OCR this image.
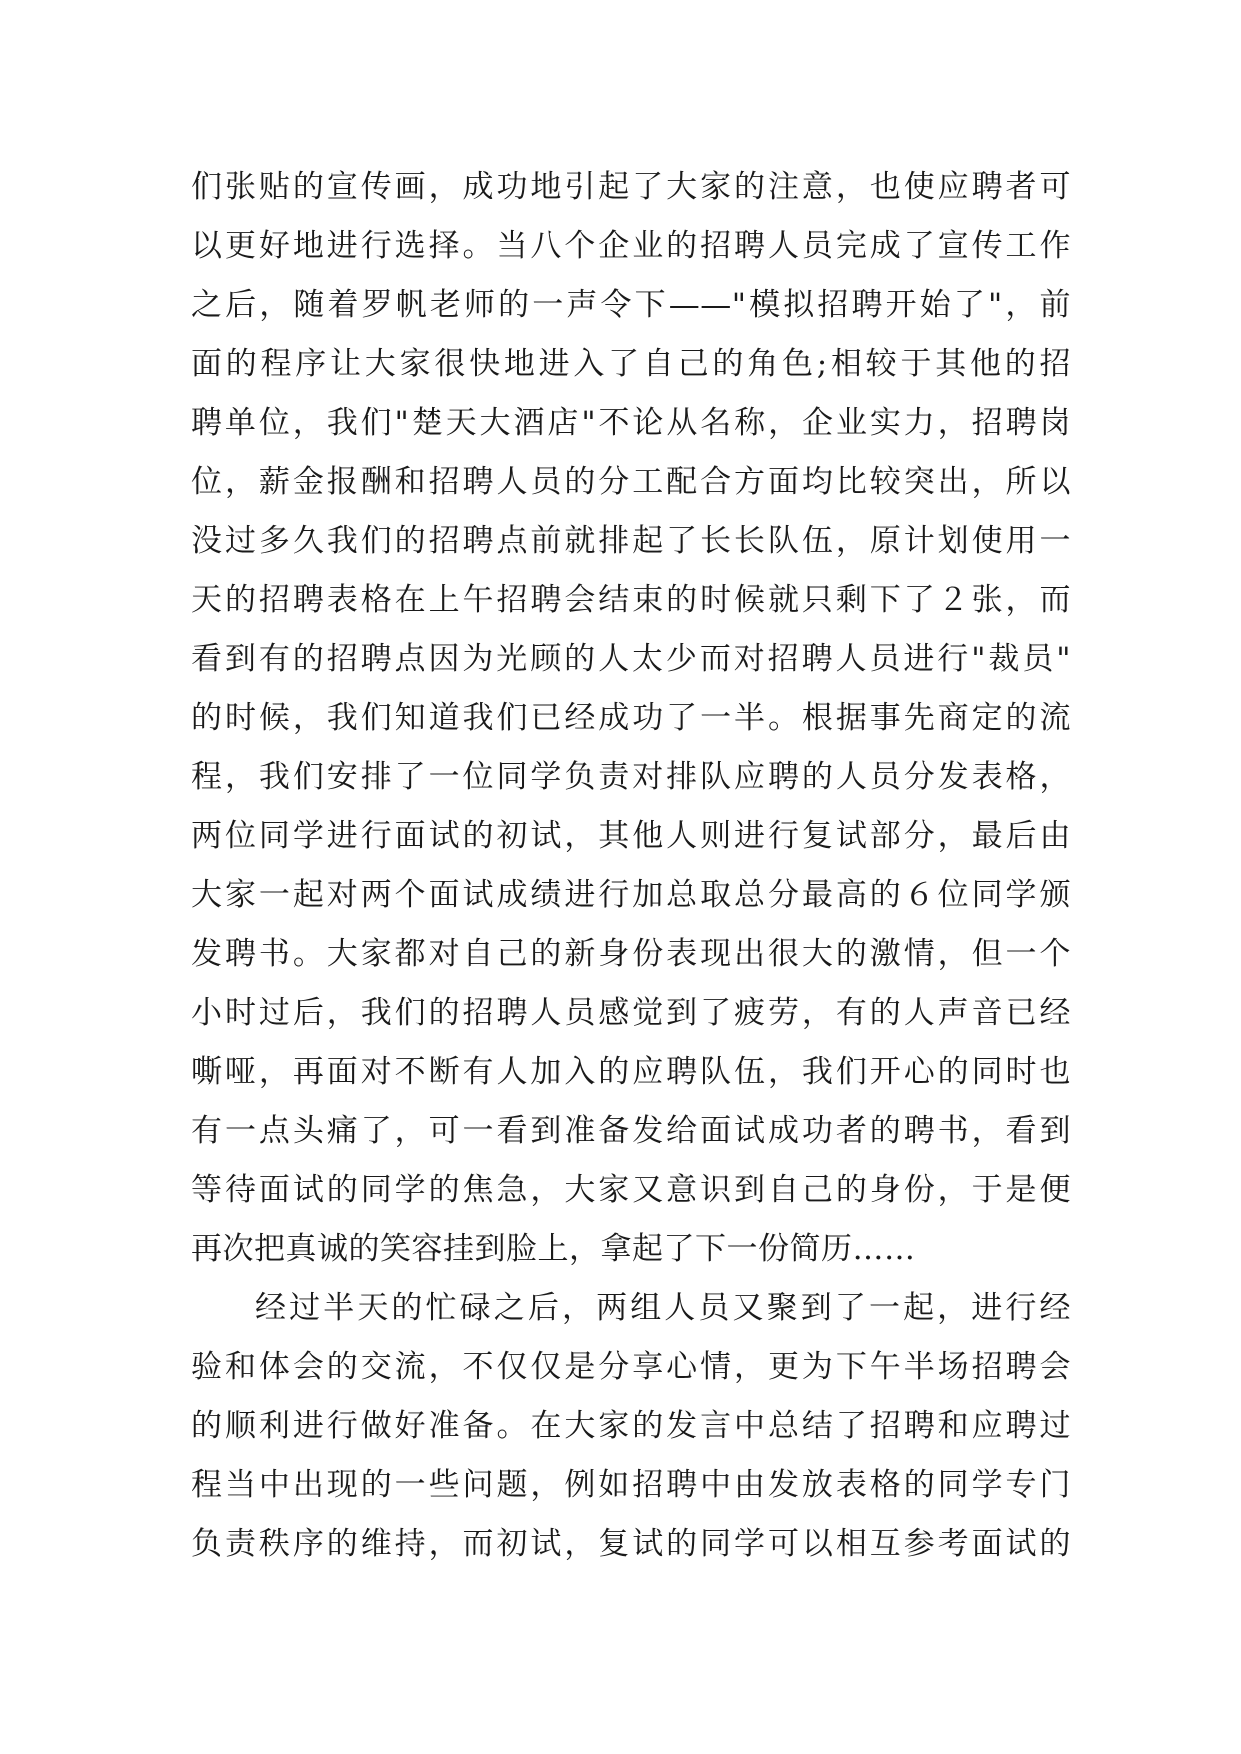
们张贴的宣传画，成功地引起了大家的注意，也使应聘者可
以更好地进行选择。当八个企业的招聘人员完成了宣传工作
之后，随着罗帆老师的一声令下——"模拟招聘开始了"，前
面的程序让大家很快地进入了自己的角色;相较于其他的招
聘单位，我们"楚天大酒店"不论从名称，企业实力，招聘岗
位，薪金报酬和招聘人员的分工配合方面均比较突出，所以
没过多久我们的招聘点前就排起了长长队伍，原计划使用一
天的招聘表格在上午招聘会结束的时候就只剩下了２张，而
看到有的招聘点因为光顾的人太少而对招聘人员进行"裁员"
的时候，我们知道我们已经成功了一半。根据事先商定的流
程，我们安排了一位同学负责对排队应聘的人员分发表格，
两位同学进行面试的初试，其他人则进行复试部分，最后由
大家一起对两个面试成绩进行加总取总分最高的６位同学颁
发聘书。大家都对自己的新身份表现出很大的激情，但一个
小时过后，我们的招聘人员感觉到了疲劳，有的人声音已经
嘶哑，再面对不断有人加入的应聘队伍，我们开心的同时也
有一点头痛了，可一看到准备发给面试成功者的聘书，看到
等待面试的同学的焦急，大家又意识到自己的身份，于是便
再次把真诚的笑容挂到脸上，拿起了下一份简历……
经过半天的忙碌之后，两组人员又聚到了一起，进行经
验和体会的交流，不仅仅是分享心情，更为下午半场招聘会
的顺利进行做好准备。在大家的发言中总结了招聘和应聘过
程当中出现的一些问题，例如招聘中由发放表格的同学专门
负责秩序的维持，而初试，复试的同学可以相互参考面试的
